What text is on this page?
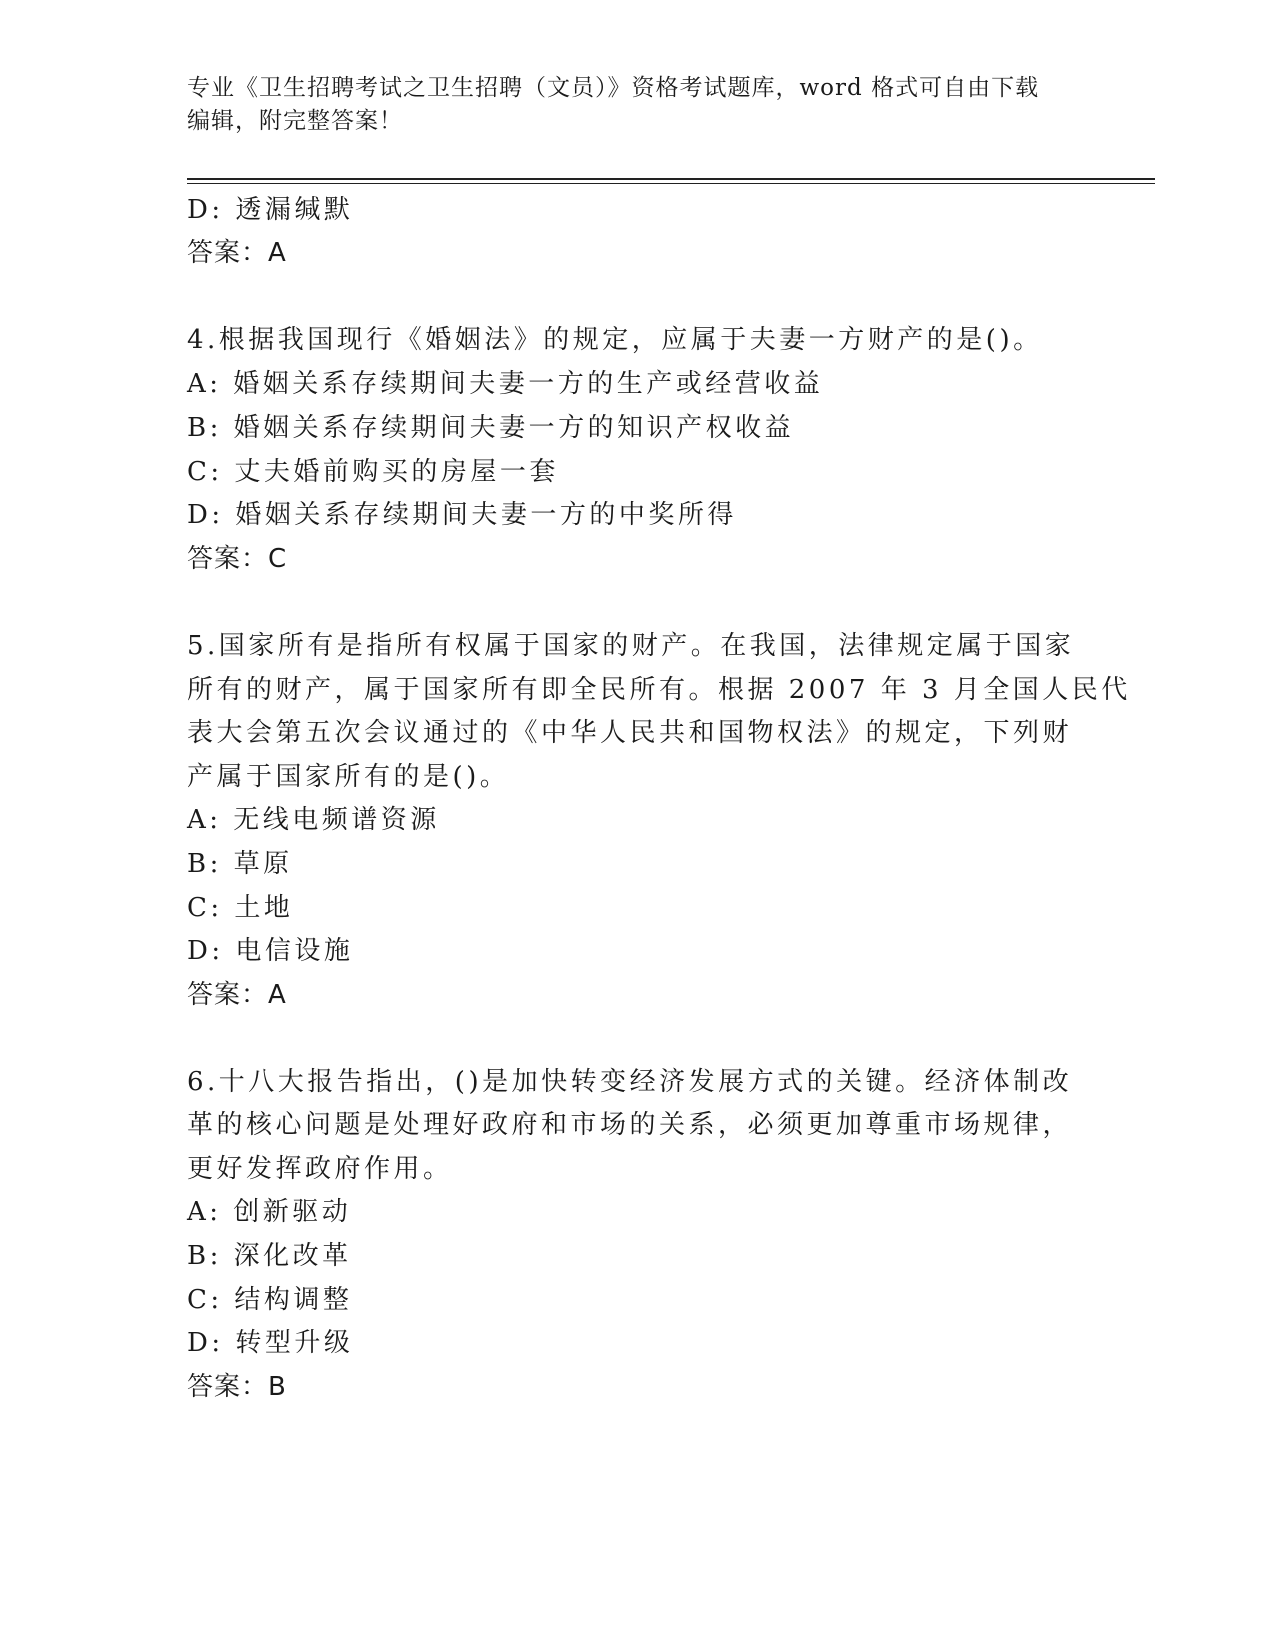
专业《卫生招聘考试之卫生招聘（文员）》资格考试题库，word 格式可自由下载
编辑，附完整答案！
D: 透漏缄默
答案：A
4.根据我国现行《婚姻法》的规定，应属于夫妻一方财产的是()。
A: 婚姻关系存续期间夫妻一方的生产或经营收益
B: 婚姻关系存续期间夫妻一方的知识产权收益
C: 丈夫婚前购买的房屋一套
D: 婚姻关系存续期间夫妻一方的中奖所得
答案：C
5.国家所有是指所有权属于国家的财产。在我国，法律规定属于国家
所有的财产，属于国家所有即全民所有。根据 2007 年 3 月全国人民代
表大会第五次会议通过的《中华人民共和国物权法》的规定，下列财
产属于国家所有的是()。
A: 无线电频谱资源
B: 草原
C: 土地
D: 电信设施
答案：A
6.十八大报告指出，()是加快转变经济发展方式的关键。经济体制改
革的核心问题是处理好政府和市场的关系，必须更加尊重市场规律，
更好发挥政府作用。
A: 创新驱动
B: 深化改革
C: 结构调整
D: 转型升级
答案：B
